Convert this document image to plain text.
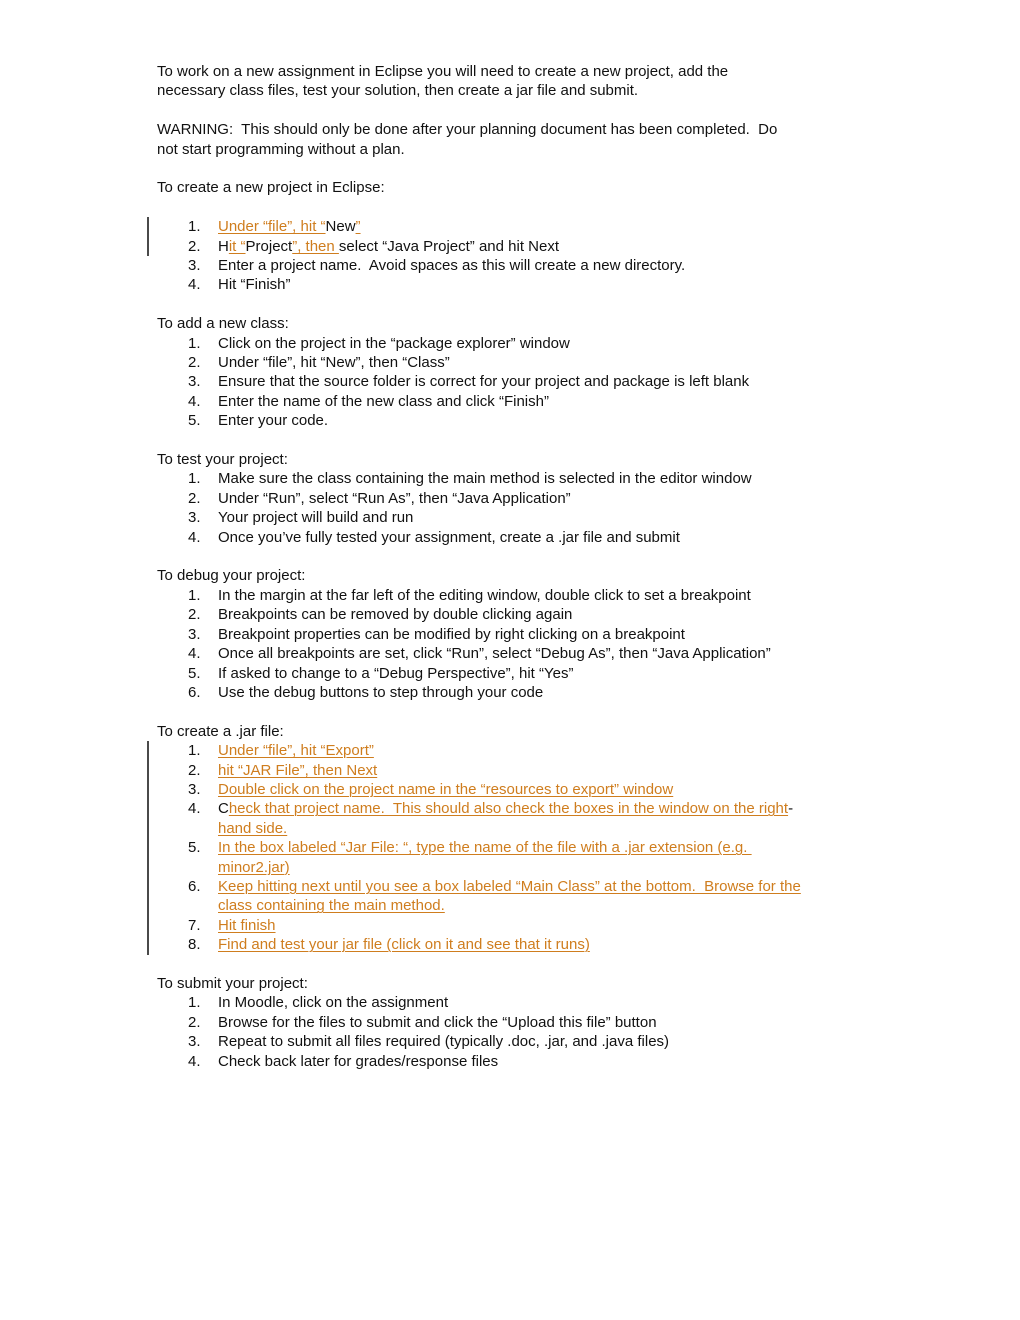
To work on a new assignment in Eclipse you will need to create a new project, add the
necessary class files, test your solution, then create a jar file and submit.
WARNING:  This should only be done after your planning document has been completed.  Do
not start programming without a plan.
To create a new project in Eclipse:
1. Under “file”, hit “New”
2. Hit “Project”, then select “Java Project” and hit Next
3. Enter a project name.  Avoid spaces as this will create a new directory.
4. Hit “Finish”
To add a new class:
1. Click on the project in the “package explorer” window
2. Under “file”, hit “New”, then “Class”
3. Ensure that the source folder is correct for your project and package is left blank
4. Enter the name of the new class and click “Finish”
5. Enter your code.
To test your project:
1. Make sure the class containing the main method is selected in the editor window
2. Under “Run”, select “Run As”, then “Java Application”
3. Your project will build and run
4. Once you’ve fully tested your assignment, create a .jar file and submit
To debug your project:
1. In the margin at the far left of the editing window, double click to set a breakpoint
2. Breakpoints can be removed by double clicking again
3. Breakpoint properties can be modified by right clicking on a breakpoint
4. Once all breakpoints are set, click “Run”, select “Debug As”, then “Java Application”
5. If asked to change to a “Debug Perspective”, hit “Yes”
6. Use the debug buttons to step through your code
To create a .jar file:
1. Under “file”, hit “Export”
2. hit “JAR File”, then Next
3. Double click on the project name in the “resources to export” window
4. Check that project name.  This should also check the boxes in the window on the right-
hand side.
5. In the box labeled “Jar File: “, type the name of the file with a .jar extension (e.g.
minor2.jar)
6. Keep hitting next until you see a box labeled “Main Class” at the bottom.  Browse for the
class containing the main method.
7. Hit finish
8. Find and test your jar file (click on it and see that it runs)
To submit your project:
1. In Moodle, click on the assignment
2. Browse for the files to submit and click the “Upload this file” button
3. Repeat to submit all files required (typically .doc, .jar, and .java files)
4. Check back later for grades/response files
